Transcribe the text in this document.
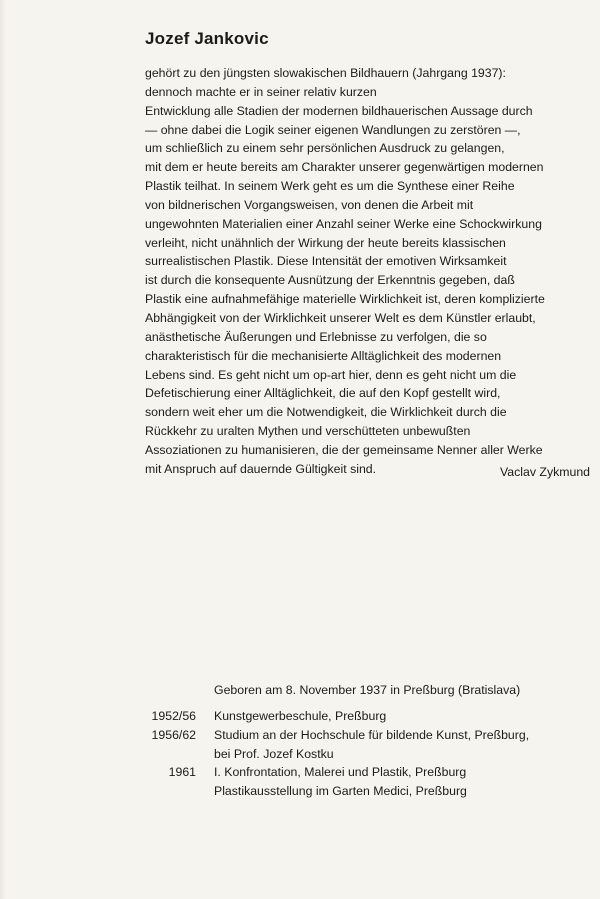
Jozef Jankovic
gehört zu den jüngsten slowakischen Bildhauern (Jahrgang 1937):
dennoch machte er in seiner relativ kurzen
Entwicklung alle Stadien der modernen bildhauerischen Aussage durch
— ohne dabei die Logik seiner eigenen Wandlungen zu zerstören —,
um schließlich zu einem sehr persönlichen Ausdruck zu gelangen,
mit dem er heute bereits am Charakter unserer gegenwärtigen modernen
Plastik teilhat. In seinem Werk geht es um die Synthese einer Reihe
von bildnerischen Vorgangsweisen, von denen die Arbeit mit
ungewohnten Materialien einer Anzahl seiner Werke eine Schockwirkung
verleiht, nicht unähnlich der Wirkung der heute bereits klassischen
surrealistischen Plastik. Diese Intensität der emotiven Wirksamkeit
ist durch die konsequente Ausnützung der Erkenntnis gegeben, daß
Plastik eine aufnahmefähige materielle Wirklichkeit ist, deren komplizierte
Abhängigkeit von der Wirklichkeit unserer Welt es dem Künstler erlaubt,
anästhetische Äußerungen und Erlebnisse zu verfolgen, die so
charakteristisch für die mechanisierte Alltäglichkeit des modernen
Lebens sind. Es geht nicht um op-art hier, denn es geht nicht um die
Defetischierung einer Alltäglichkeit, die auf den Kopf gestellt wird,
sondern weit eher um die Notwendigkeit, die Wirklichkeit durch die
Rückkehr zu uralten Mythen und verschütteten unbewußten
Assoziationen zu humanisieren, die der gemeinsame Nenner aller Werke
mit Anspruch auf dauernde Gültigkeit sind.	Vaclav Zykmund
Geboren am 8. November 1937 in Preßburg (Bratislava)
1952/56 Kunstgewerbeschule, Preßburg
1956/62 Studium an der Hochschule für bildende Kunst, Preßburg,
bei Prof. Jozef Kostku
1961 I. Konfrontation, Malerei und Plastik, Preßburg
Plastikausstellung im Garten Medici, Preßburg
